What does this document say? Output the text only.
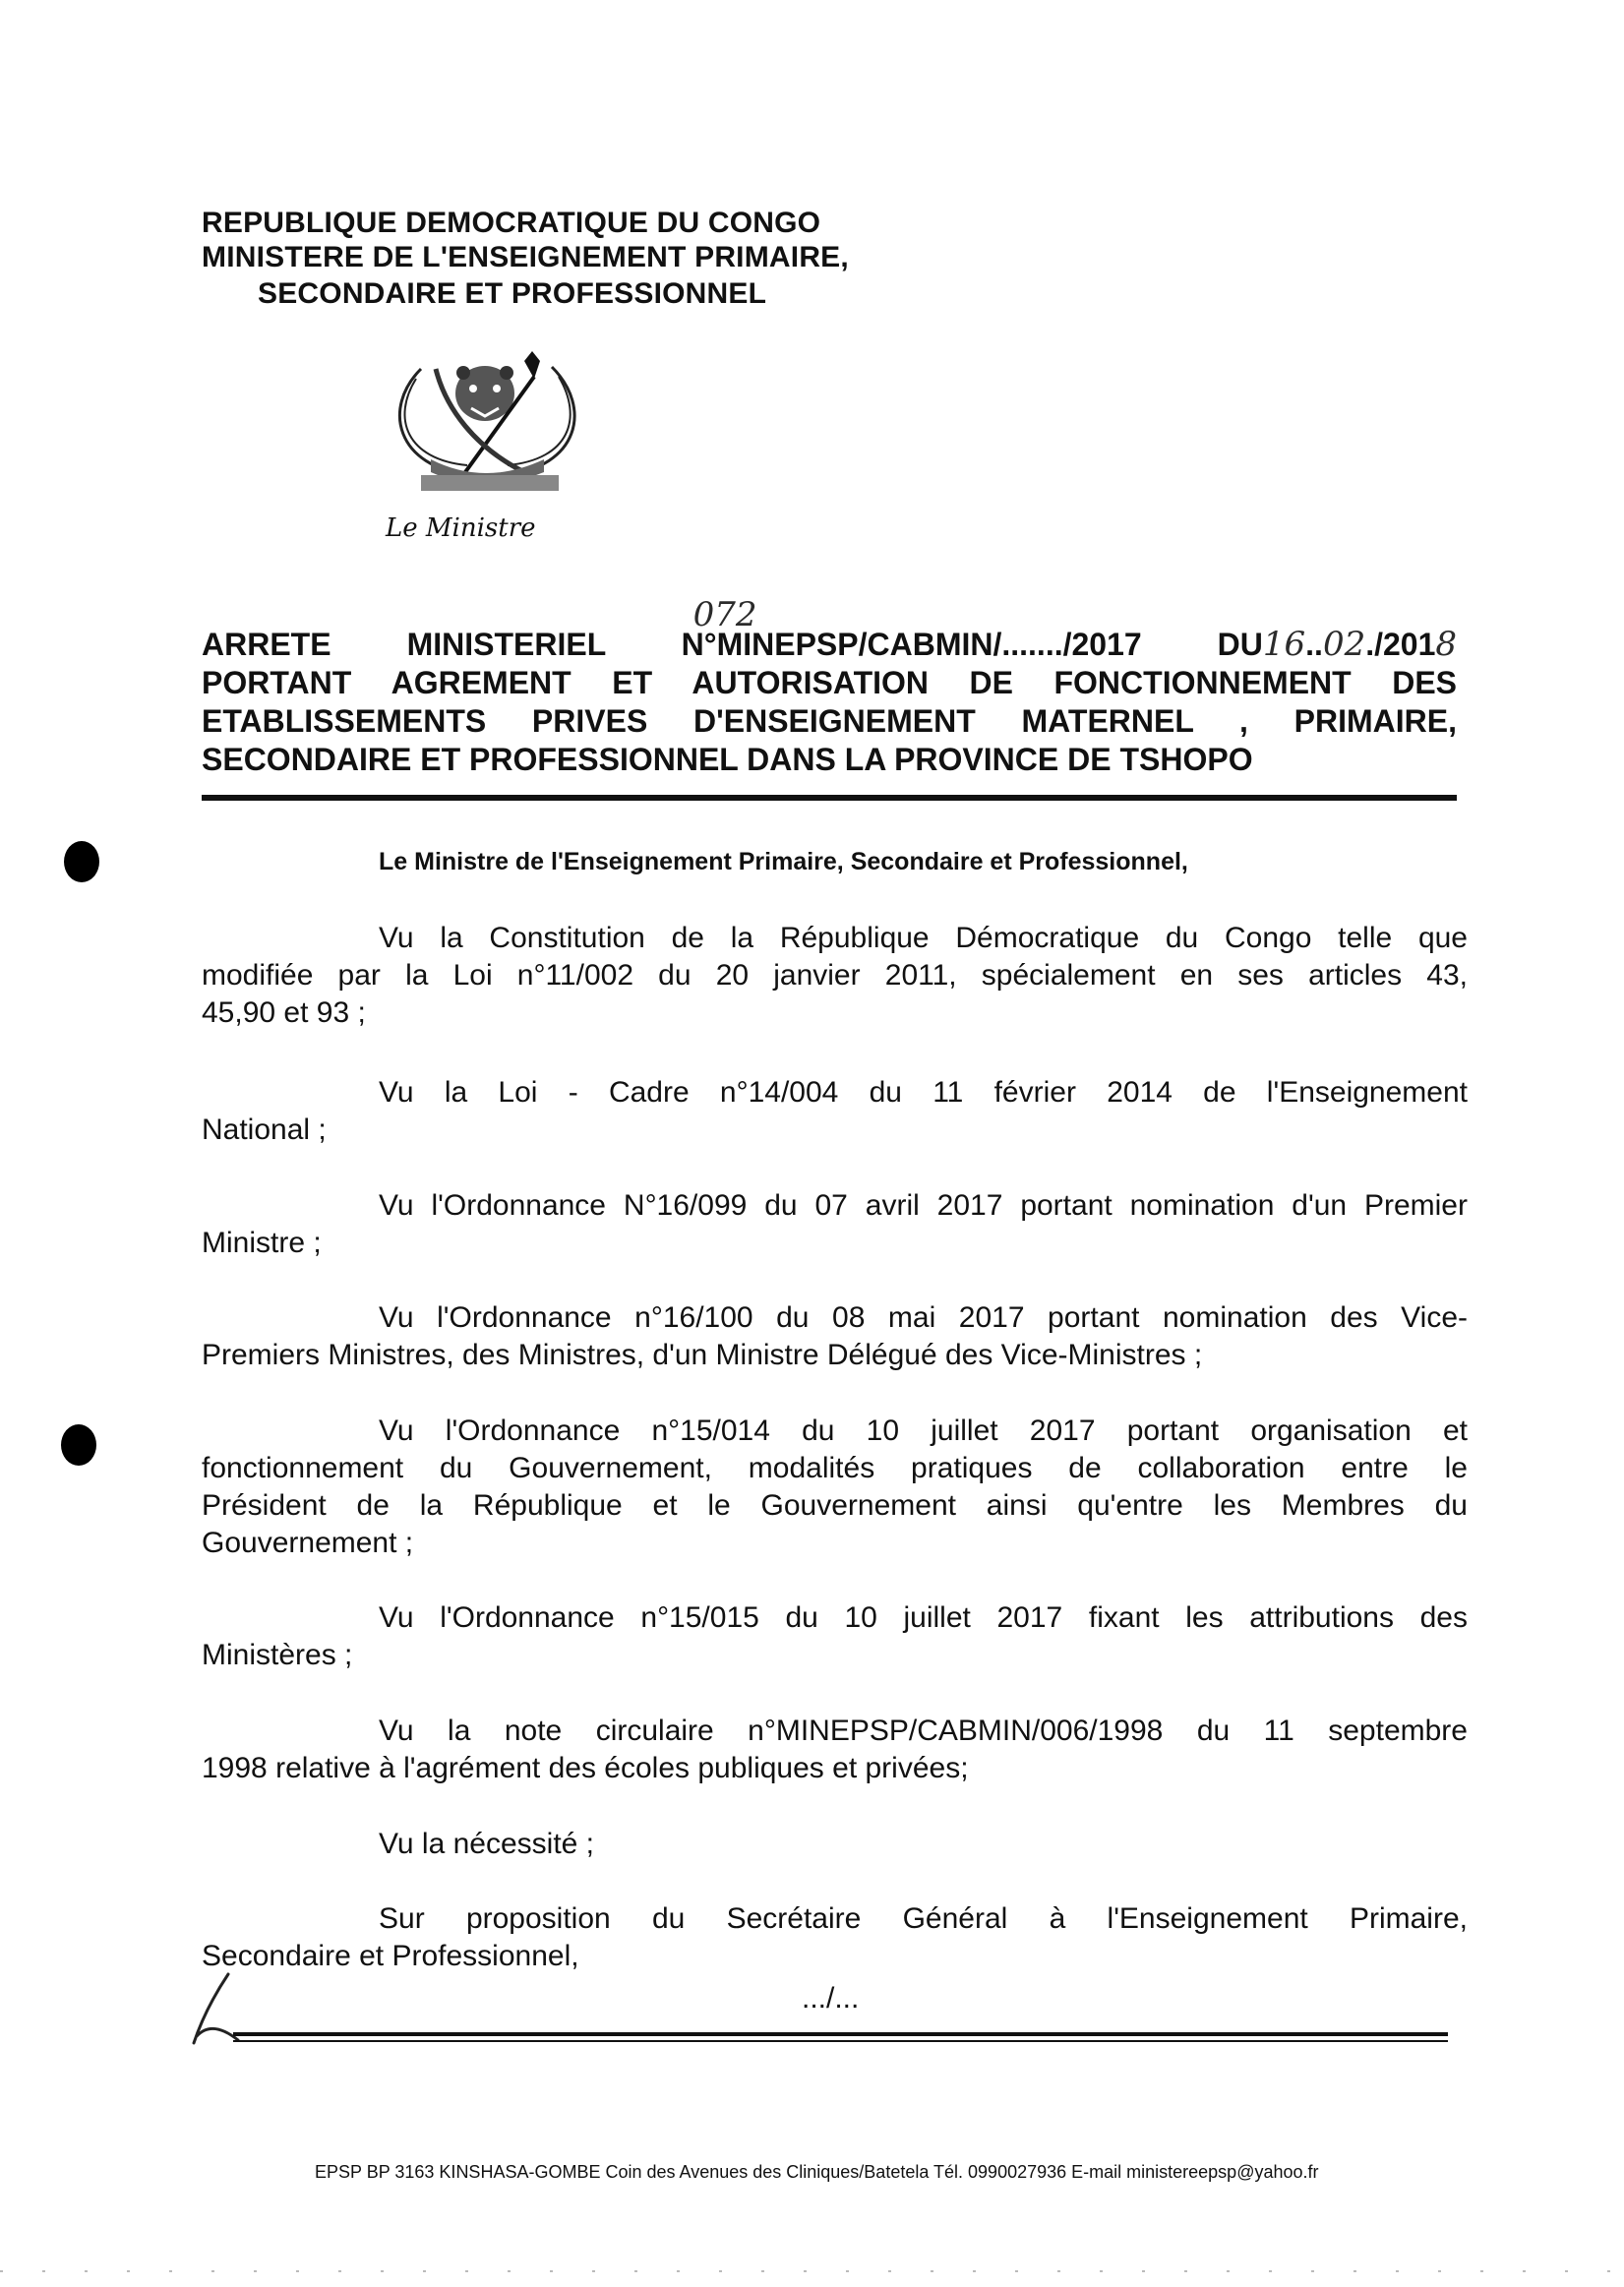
REPUBLIQUE DEMOCRATIQUE DU CONGO
MINISTERE DE L'ENSEIGNEMENT PRIMAIRE,
SECONDAIRE ET PROFESSIONNEL
Le Ministre
ARRETE MINISTERIEL N°MINEPSP/CABMIN/.......
072
/2017 DU16..02./2018
PORTANT AGREMENT ET AUTORISATION DE FONCTIONNEMENT DES
ETABLISSEMENTS PRIVES D'ENSEIGNEMENT MATERNEL , PRIMAIRE,
SECONDAIRE ET PROFESSIONNEL DANS LA PROVINCE DE TSHOPO
Le Ministre de l'Enseignement Primaire, Secondaire et Professionnel,
Vu la Constitution de la République Démocratique du Congo telle que
modifiée par la Loi n°11/002 du 20 janvier 2011, spécialement en ses articles 43,
45,90 et 93 ;
Vu la Loi - Cadre n°14/004 du 11 février 2014 de l'Enseignement
National ;
Vu l'Ordonnance N°16/099 du 07 avril 2017 portant nomination d'un Premier
Ministre ;
Vu l'Ordonnance n°16/100 du 08 mai 2017 portant nomination des Vice-
Premiers Ministres, des Ministres, d'un Ministre Délégué des Vice-Ministres ;
Vu l'Ordonnance n°15/014 du 10 juillet 2017 portant organisation et
fonctionnement du Gouvernement, modalités pratiques de collaboration entre le
Président de la République et le Gouvernement ainsi qu'entre les Membres du
Gouvernement ;
Vu l'Ordonnance n°15/015 du 10 juillet 2017 fixant les attributions des
Ministères ;
Vu la note circulaire n°MINEPSP/CABMIN/006/1998 du 11 septembre
1998 relative à l'agrément des écoles publiques et privées;
Vu la nécessité ;
Sur proposition du Secrétaire Général à l'Enseignement Primaire,
Secondaire et Professionnel,
.../...
EPSP BP 3163 KINSHASA-GOMBE Coin des Avenues des Cliniques/Batetela Tél. 0990027936 E-mail ministereepsp@yahoo.fr
